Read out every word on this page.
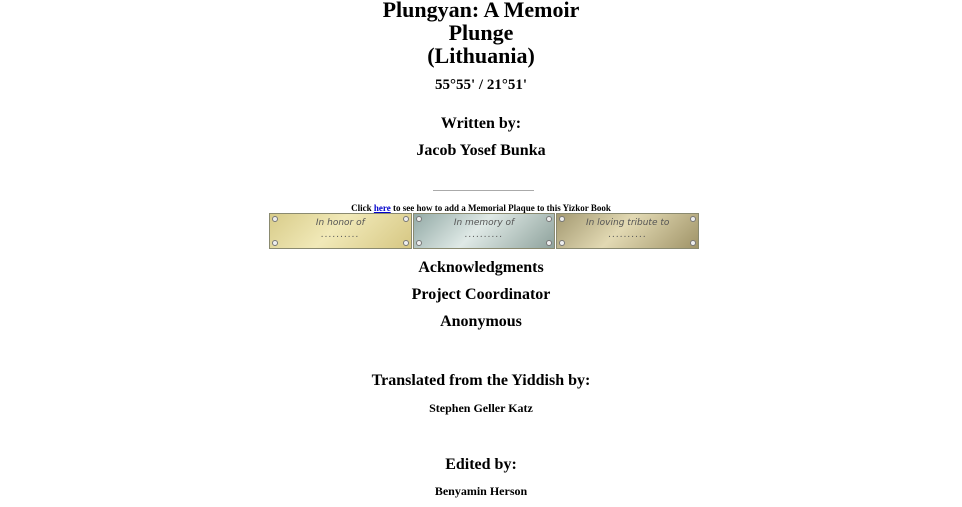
Plungyan: A Memoir
Plunge
(Lithuania)
55°55' / 21°51'
Written by:
Jacob Yosef Bunka
Click here to see how to add a Memorial Plaque to this Yizkor Book
In honor of
..........
In memory of
..........
In loving tribute to
..........
Acknowledgments
Project Coordinator
Anonymous
Translated from the Yiddish by:
Stephen Geller Katz
Edited by:
Benyamin Herson
